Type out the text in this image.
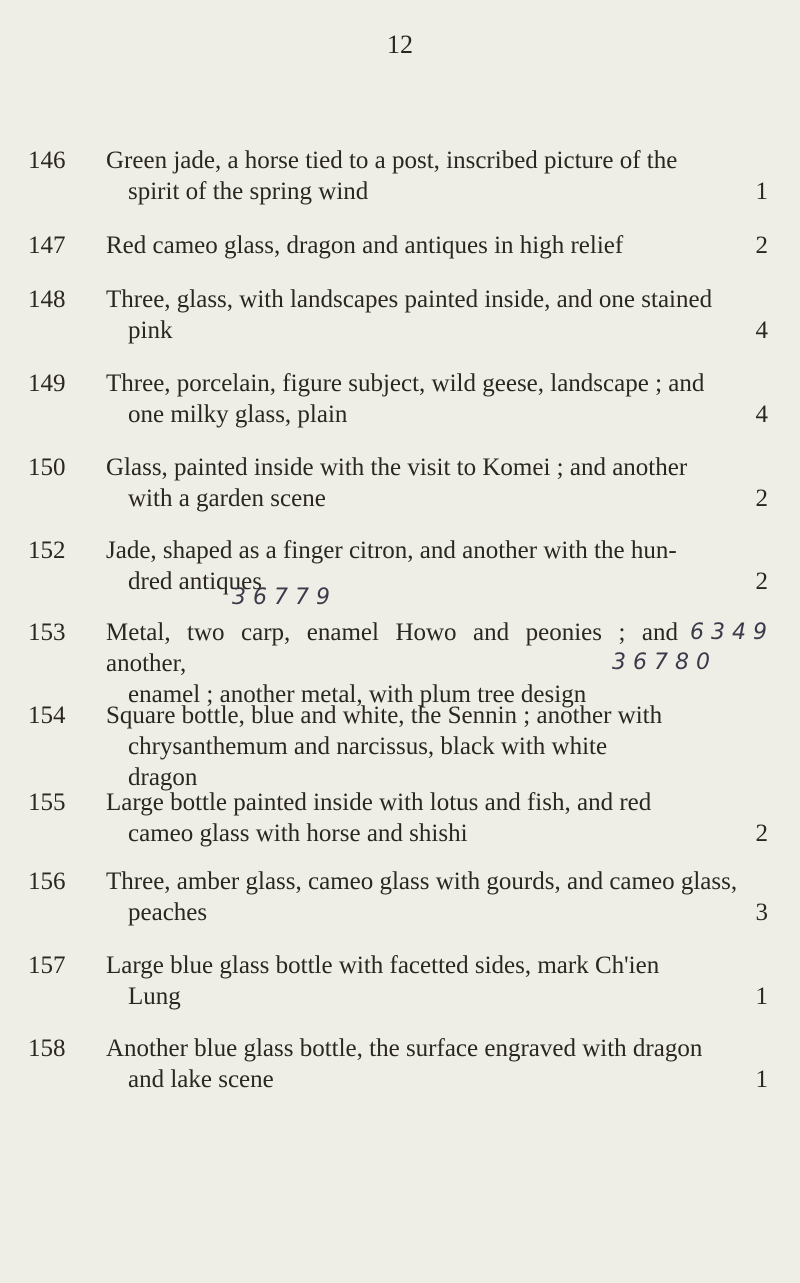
12
146	Green jade, a horse tied to a post, inscribed picture of the
spirit of the spring wind	1
147	Red cameo glass, dragon and antiques in high relief	2
148	Three, glass, with landscapes painted inside, and one stained
pink	4
149	Three, porcelain, figure subject, wild geese, landscape ; and
one milky glass, plain	4
150	Glass, painted inside with the visit to Komei ; and another
with a garden scene	2
152	Jade, shaped as a finger citron, and another with the hun-
dred antiques	2
3 6 7 7 9
6 3 4 9
153	Metal, two carp, enamel Howo and peonies ; and another,
enamel ; another metal, with plum tree design
3 6 7 8 0
154	Square bottle, blue and white, the Sennin ; another with
chrysanthemum and narcissus, black with white
dragon
155	Large bottle painted inside with lotus and fish, and red
cameo glass with horse and shishi	2
156	Three, amber glass, cameo glass with gourds, and cameo glass,
peaches	3
157	Large blue glass bottle with facetted sides, mark Ch'ien
Lung	1
158	Another blue glass bottle, the surface engraved with dragon
and lake scene	1
